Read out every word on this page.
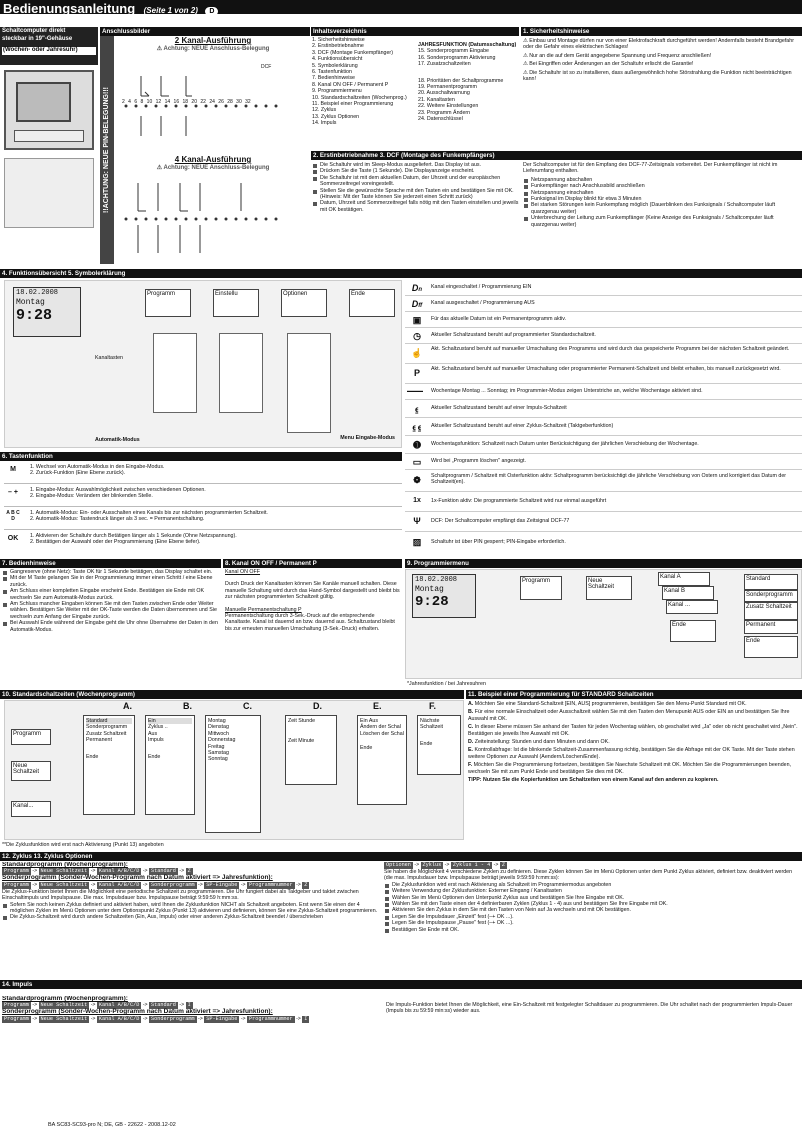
Bedienungsanleitung (Seite 1 von 2) D
Schaltcomputer direkt
steckbar in 19"-Gehäuse
(Wochen- oder Jahresuhr)
Anschlussbilder
!!ACHTUNG: NEUE PIN-BELEGUNG!!!
2 Kanal-Ausführung
⚠ Achtung: NEUE Anschluss-Belegung
DCF
2 4 6 8 10 12 14 16 18 20 22 24 26 28 30 32
4 Kanal-Ausführung
⚠ Achtung: NEUE Anschluss-Belegung
Inhaltsverzeichnis
1. Sicherheitshinweise
2. Erstinbetriebnahme
3. DCF (Montage Funkempfänger)
4. Funktionsübersicht
5. Symbolerklärung
6. Tastenfunktion
7. Bedienhinweise
8. Kanal ON OFF / Permanent P
9. Programmiermenu
10. Standardschaltzeiten (Wochenprog.)
11. Beispiel einer Programmierung
12. Zyklus
13. Zyklus Optionen
14. Impuls
JAHRESFUNKTION (Datumsschaltung)
15. Sonderprogramm Eingabe
16. Sonderprogramm Aktivierung
17. Zusatzschaltzeiten
18. Prioritäten der Schaltprogramme
19. Permanentprogramm
20. Ausschaltwarnung
21. Kanaltasten
22. Weitere Einstellungen
23. Programm Ändern
24. Datenschlüssel
1. Sicherheitshinweise
⚠ Einbau und Montage dürfen nur von einer Elektrofachkraft durchgeführt werden! Andernfalls besteht Brandgefahr oder die Gefahr eines elektrischen Schlages!
⚠ Nur an die auf dem Gerät angegebene Spannung und Frequenz anschließen!
⚠ Bei Eingriffen oder Änderungen an der Schaltuhr erlischt die Garantie!
⚠ Die Schaltuhr ist so zu installieren, dass außergewöhnlich hohe Störstrahlung die Funktion nicht beeinträchtigen kann!
2. Erstinbetriebnahme 3. DCF (Montage des Funkempfängers)
Die Schaltuhr wird im Sleep-Modus ausgeliefert. Das Display ist aus.
Drücken Sie die Taste (1 Sekunde). Die Displayanzeige erscheint.
Die Schaltuhr ist mit dem aktuellen Datum, der Uhrzeit und der europäischen Sommerzeitregel voreingestellt.
Stellen Sie die gewünschte Sprache mit den Tasten ein und bestätigen Sie mit OK. (Hinweis: Mit der Taste können Sie jederzeit einen Schritt zurück)
Datum, Uhrzeit und Sommerzeitregel falls nötig mit den Tasten einstellen und jeweils mit OK bestätigen.
Der Schaltcomputer ist für den Empfang des DCF-77-Zeitsignals vorbereitet. Der Funkempfänger ist nicht im Lieferumfang enthalten.
Netzspannung abschalten
Funkempfänger nach Anschlussbild anschließen
Netzspannung einschalten
Funksignal im Display blinkt für etwa 3 Minuten
Bei starken Störungen kein Funkempfang möglich (Dauerblinken des Funksignals / Schaltcomputer läuft quarzgenau weiter)
Unterbrechung der Leitung zum Funkempfänger (Keine Anzeige des Funksignals / Schaltcomputer läuft quarzgenau weiter)
4. Funktionsübersicht 5. Symbolerklärung
18.02.2008
Montag
9:28
Programm	Einstellu	Optionen	Ende
Kanaltasten
Automatik-Modus	Menu Eingabe-Modus
Dn	Kanal eingeschaltet / Programmierung EIN
Dff	Kanal ausgeschaltet / Programmierung AUS
▣	Für das aktuelle Datum ist ein Permanentprogramm aktiv.
◷	Aktueller Schaltzustand beruht auf programmierter Standardschaltzeit.
☝	Akt. Schaltzustand beruht auf manueller Umschaltung des Programms und wird durch das gespeicherte Programm bei der nächsten Schaltzeit geändert.
P	Akt. Schaltzustand beruht auf manueller Umschaltung oder programmierter Permanent-Schaltzeit und bleibt erhalten, bis manuell zurückgesetzt wird.
▬▬▬▬	Wochentage Montag ... Sonntag; im Programmier-Modus zeigen Unterstriche an, welche Wochentage aktiviert sind.
⍷	Aktueller Schaltzustand beruht auf einer Impuls-Schaltzeit
⍷⍷	Aktueller Schaltzustand beruht auf einer Zyklus-Schaltzeit (Taktgeberfunktion)
➊	Wochentagsfunktion: Schaltzeit nach Datum unter Berücksichtigung der jährlichen Verschiebung der Wochentage.
▭	Wird bei „Programm löschen" angezeigt.
❁	Schaltprogramm / Schaltzeit mit Osterfunktion aktiv: Schaltprogramm berücksichtigt die jährliche Verschiebung von Ostern und korrigiert das Datum der Schaltzeit(en).
1x	1x-Funktion aktiv: Die programmierte Schaltzeit wird nur einmal ausgeführt
Ψ	DCF: Der Schaltcomputer empfängt das Zeitsignal DCF-77
▨	Schaltuhr ist über PIN gesperrt; PIN-Eingabe erforderlich.
6. Tastenfunktion
M	1. Wechsel von Automatik-Modus in den Eingabe-Modus.
2. Zurück-Funktion (Eine Ebene zurück).
– +	1. Eingabe-Modus: Auswahlmöglichkeit zwischen verschiedenen Optionen.
2. Eingabe-Modus: Verändern der blinkenden Stelle.
A B C D
1. Automatik-Modus: Ein- oder Ausschalten eines Kanals bis zur nächsten programmierten Schaltzeit.
2. Automatik-Modus: Tastendruck länger als 3 sec. = Permanentschaltung.
OK	1. Aktivieren der Schaltuhr durch Betätigen länger als 1 Sekunde (Ohne Netzspannung).
2. Bestätigen der Auswahl oder der Programmierung (Eine Ebene tiefer).
7. Bedienhinweise
Gangreserve (ohne Netz): Taste OK für 1 Sekunde betätigen, das Display schaltet ein.
Mit der M Taste gelangen Sie in der Programmierung immer einen Schritt / eine Ebene zurück.
Am Schluss einer kompletten Eingabe erscheint Ende. Bestätigen sie Ende mit OK wechseln Sie zum Automatik-Modus zurück.
Am Schluss mancher Eingaben können Sie mit den Tasten zwischen Ende oder Weiter wählen. Bestätigen Sie Weiter mit der OK-Taste werden die Daten übernommen und Sie wechseln zum Anfang der Eingabe zurück.
Bei Auswahl Ende während der Eingabe geht die Uhr ohne Übernahme der Daten in den Automatik-Modus.
8. Kanal ON OFF / Permanent P
Kanal ON OFF
Durch Druck der Kanaltasten können Sie Kanäle manuell schalten. Diese manuelle Schaltung wird durch das Hand-Symbol dargestellt und bleibt bis zur nächsten programmierten Schaltzeit gültig.
Manuelle Permanentschaltung P
Permanentschaltung durch 3-Sek.-Druck auf die entsprechende Kanaltaste. Kanal ist dauernd an bzw. dauernd aus. Schaltzustand bleibt bis zur erneuten manuellen Umschaltung (3-Sek.-Druck) erhalten.
9. Programmiermenu
18.02.2008
Montag
9:28
Programm	Neue Schaltzeit
Kanal A
Kanal B
Kanal ...
Ende
Standard
Sonderprogramm
Zusatz Schaltzeit
Permanent
Ende
*Jahresfunktion / bei Jahresuhren
10. Standardschaltzeiten (Wochenprogramm)
A.	B.	C.	D.	E.	F.
Programm
Neue Schaltzeit
Kanal...
Standard
Sonderprogramm
Zusatz Schaltzeit
Permanent
Ende
Ein
Zyklus ..
Aus
Impuls
Ende
Montag
Dienstag
Mittwoch
Donnerstag
Freitag
Samstag
Sonntag
Zeit Stunde
Zeit Minute
Ein Aus
Ändern der Schal
Löschen der Schal
Ende
Nächste Schaltzeit
Ende
**Die Zyklusfunktion wird erst nach Aktivierung (Punkt 13) angeboten
11. Beispiel einer Programmierung für STANDARD Schaltzeiten
A. Möchten Sie eine Standard-Schaltzeit [EIN, AUS] programmieren, bestätigen Sie den Menu-Punkt Standard mit OK.
B. Für eine normale Einschaltzeit oder Ausschaltzeit wählen Sie mit den Tasten den Menupunkt AUS oder EIN an und bestätigen Sie Ihre Auswahl mit OK.
C. In dieser Ebene müssen Sie anhand der Tasten für jeden Wochentag wählen, ob geschaltet wird „Ja" oder ob nicht geschaltet wird „Nein". Bestätigen sie jeweils Ihre Auswahl mit OK.
D. Zeiteinstellung: Stunden und dann Minuten und dann OK.
E. Kontrollabfrage: Ist die blinkende Schaltzeit-Zusammenfassung richtig, bestätigen Sie die Abfrage mit der OK Taste. Mit der Taste stehen weitere Optionen zur Auswahl (Aendern/Löschen/Ende).
F. Möchten Sie die Programmierung fortsetzen, bestätigen Sie Naechste Schaltzeit mit OK. Möchten Sie die Programmierungen beenden, wechseln Sie mit zum Punkt Ende und bestätigen Sie dies mit OK.
TIPP: Nutzen Sie die Kopierfunktion um Schaltzeiten von einem Kanal auf den anderen zu kopieren.
12. Zyklus 13. Zyklus Optionen
Standardprogramm (Wochenprogramm):
Programm -> Neue Schaltzeit -> Kanal A/B/C/D -> Standard -> Z
Sonderprogramm (Sonder-Wochen-Programm nach Datum aktiviert => Jahresfunktion):
Programm -> Neue Schaltzeit -> Kanal A/B/C/D -> Sonderprogramm -> SP-Eingabe -> Programmnummer -> Z
Die Zyklus-Funktion bietet Ihnen die Möglichkeit eine periodische Schaltzeit zu programmieren. Die Uhr fungiert dabei als Taktgeber und taktet zwischen Einschaltimpuls und Impulspause. Die max. Impulsdauer bzw. Impulspause beträgt 9:59:59 h:mm:ss.
Sofern Sie noch keinen Zyklus definiert und aktiviert haben, wird Ihnen die Zyklusfunktion NICHT als Schaltzeit angeboten. Erst wenn Sie einen der 4 möglichen Zyklen im Menü Optionen unter dem Optionspunkt Zyklus (Punkt 13) aktivieren und definieren, können Sie eine Zyklus-Schaltzeit programmieren.
Die Zyklus-Schaltzeit wird durch andere Schaltzeiten (Ein, Aus, Impuls) oder einer anderen Zyklus-Schaltzeit beendet / überschrieben
Optionen -> Zyklus -> Zyklus 1 - 4 -> Z
Sie haben die Möglichkeit 4 verschiedene Zyklen zu definieren. Diese Zyklen können Sie im Menü Optionen unter dem Punkt Zyklus aktiviert, definiert bzw. deaktiviert werden (die max. Impulsdauer bzw. Impulspause beträgt jeweils 9:59:59 h:mm:ss):
Die Zyklusfunktion wird erst nach Aktivierung als Schaltzeit im Programmiermodus angeboten
Weitere Verwendung der Zyklusfunktion: Externer Eingang / Kanaltasten
Wählen Sie im Menü Optionen den Unterpunkt Zyklus aus und bestätigen Sie Ihre Eingabe mit OK.
Wählen Sie mit den Taste einen der 4 definierbaren Zyklen (Zyklus 1 - 4) aus und bestätigen Sie Ihre Eingabe mit OK.
Aktivieren Sie den Zyklus in dem Sie mit den Tasten von Nein auf Ja wechseln und mit OK bestätigen.
Legen Sie die Impulsdauer „Einzeit" fest (–+ OK ...).
Legen Sie die Impulspause „Pause" fest (–+ OK ...).
Bestätigen Sie Ende mit OK.
14. Impuls
Standardprogramm (Wochenprogramm):
Programm -> Neue Schaltzeit -> Kanal A/B/C/D -> Standard -> I
Sonderprogramm (Sonder-Wochen-Programm nach Datum aktiviert => Jahresfunktion):
Programm -> Neue Schaltzeit -> Kanal A/B/C/D -> Sonderprogramm -> SP-Eingabe -> Programmnummer -> I
Die Impuls-Funktion bietet Ihnen die Möglichkeit, eine Ein-Schaltzeit mit festgelegter Schaltdauer zu programmieren. Die Uhr schaltet nach der programmierten Impuls-Dauer (Impuls bis zu 59:59 min:ss) wieder aus.
BA SC83-SC93-pro N; DE, GB - 22622 - 2008.12-02
